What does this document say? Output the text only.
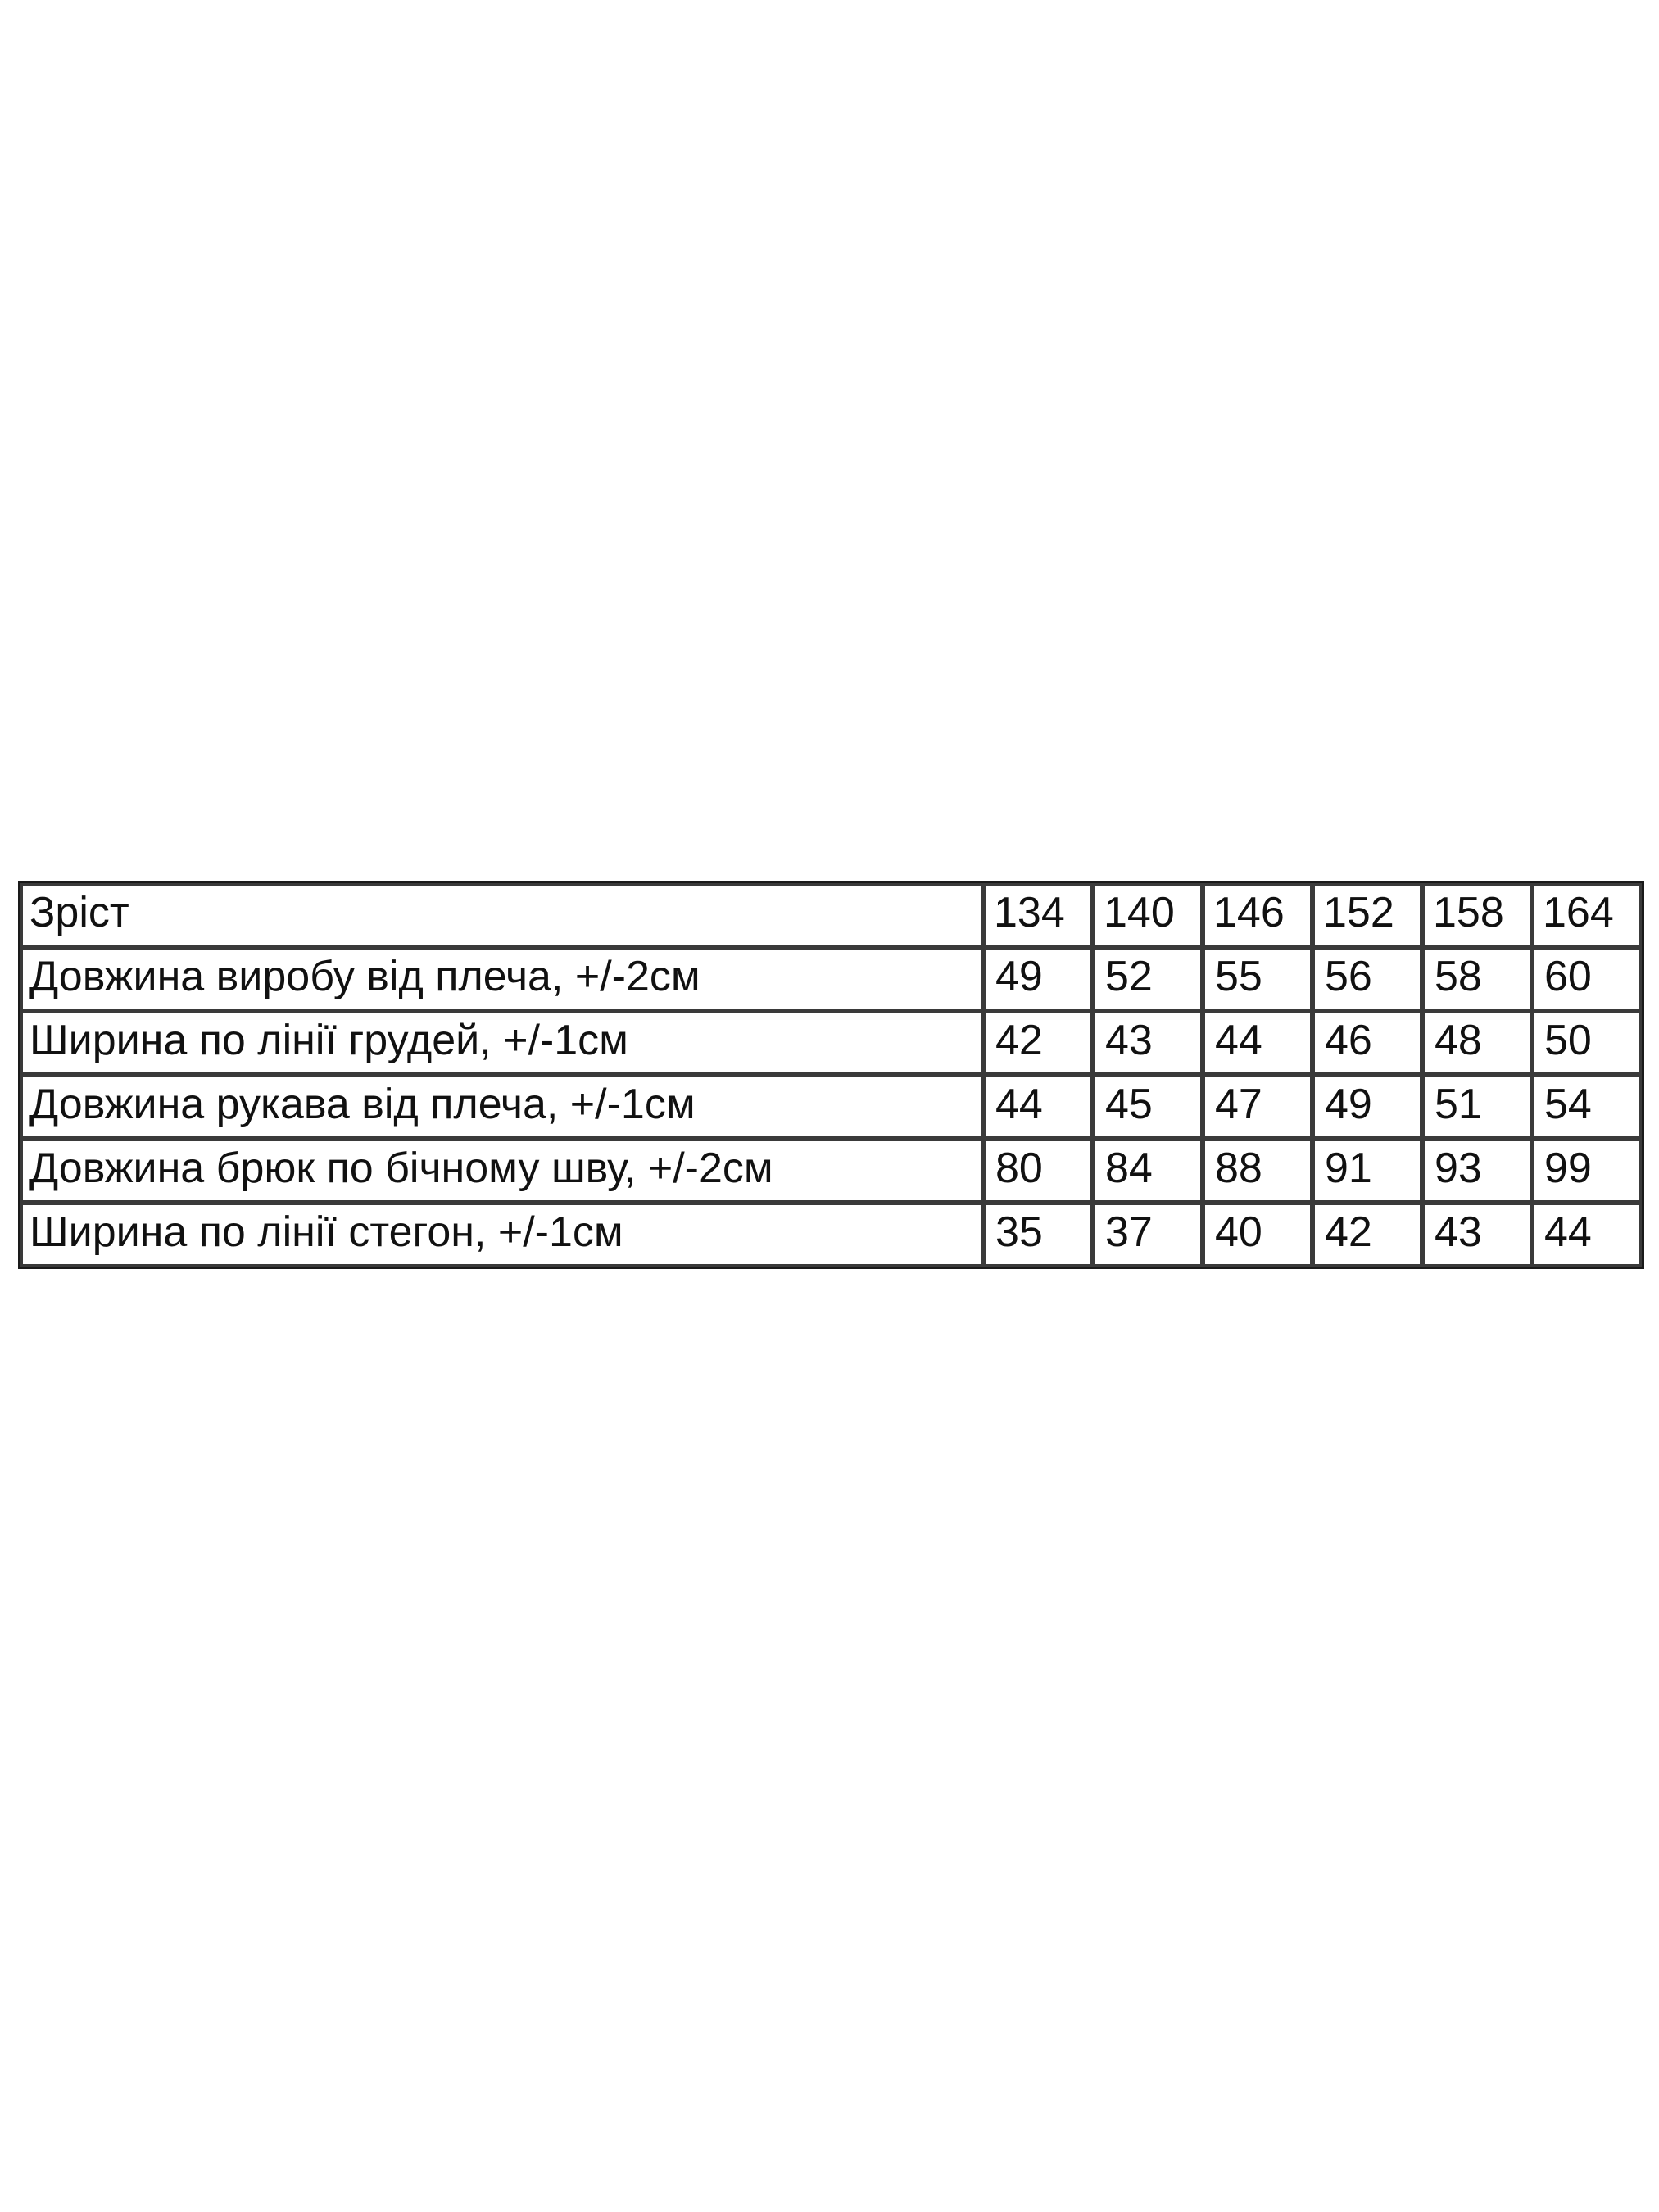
Зріст	134	140	146	152	158	164
Довжина виробу від плеча, +/-2см	49	52	55	56	58	60
Ширина по лінії грудей, +/-1см	42	43	44	46	48	50
Довжина рукава від плеча, +/-1см	44	45	47	49	51	54
Довжина брюк по бічному шву, +/-2см	80	84	88	91	93	99
Ширина по лінії стегон, +/-1см	35	37	40	42	43	44
